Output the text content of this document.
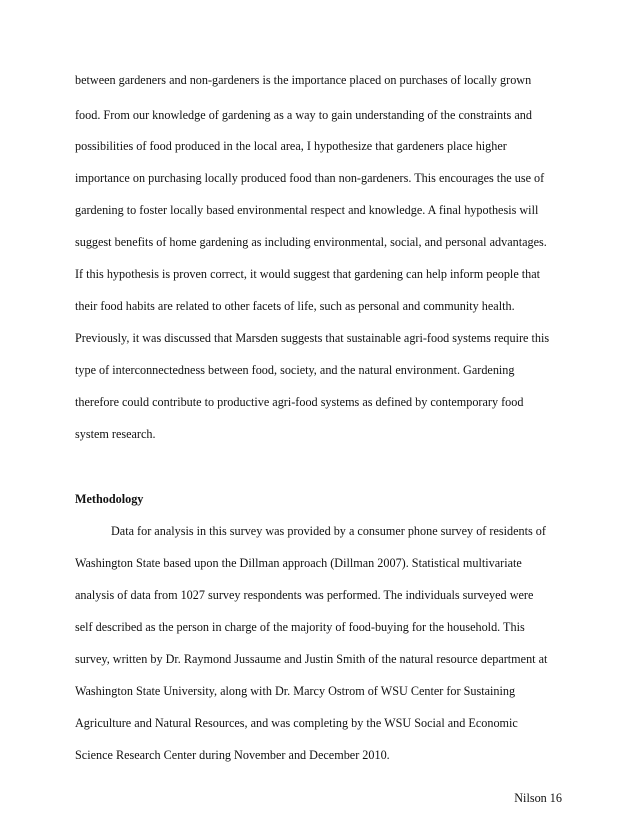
between gardeners and non-gardeners is the importance placed on purchases of locally grown
food. From our knowledge of gardening as a way to gain understanding of the constraints and
possibilities of food produced in the local area, I hypothesize that gardeners place higher
importance on purchasing locally produced food than non-gardeners. This encourages the use of
gardening to foster locally based environmental respect and knowledge. A final hypothesis will
suggest benefits of home gardening as including environmental, social, and personal advantages.
If this hypothesis is proven correct, it would suggest that gardening can help inform people that
their food habits are related to other facets of life, such as personal and community health.
Previously, it was discussed that Marsden suggests that sustainable agri-food systems require this
type of interconnectedness between food, society, and the natural environment. Gardening
therefore could contribute to productive agri-food systems as defined by contemporary food
system research.
Methodology
Data for analysis in this survey was provided by a consumer phone survey of residents of
Washington State based upon the Dillman approach (Dillman 2007). Statistical multivariate
analysis of data from 1027 survey respondents was performed. The individuals surveyed were
self described as the person in charge of the majority of food-buying for the household. This
survey, written by Dr. Raymond Jussaume and Justin Smith of the natural resource department at
Washington State University, along with Dr. Marcy Ostrom of WSU Center for Sustaining
Agriculture and Natural Resources, and was completing by the WSU Social and Economic
Science Research Center during November and December 2010.
Nilson 16
